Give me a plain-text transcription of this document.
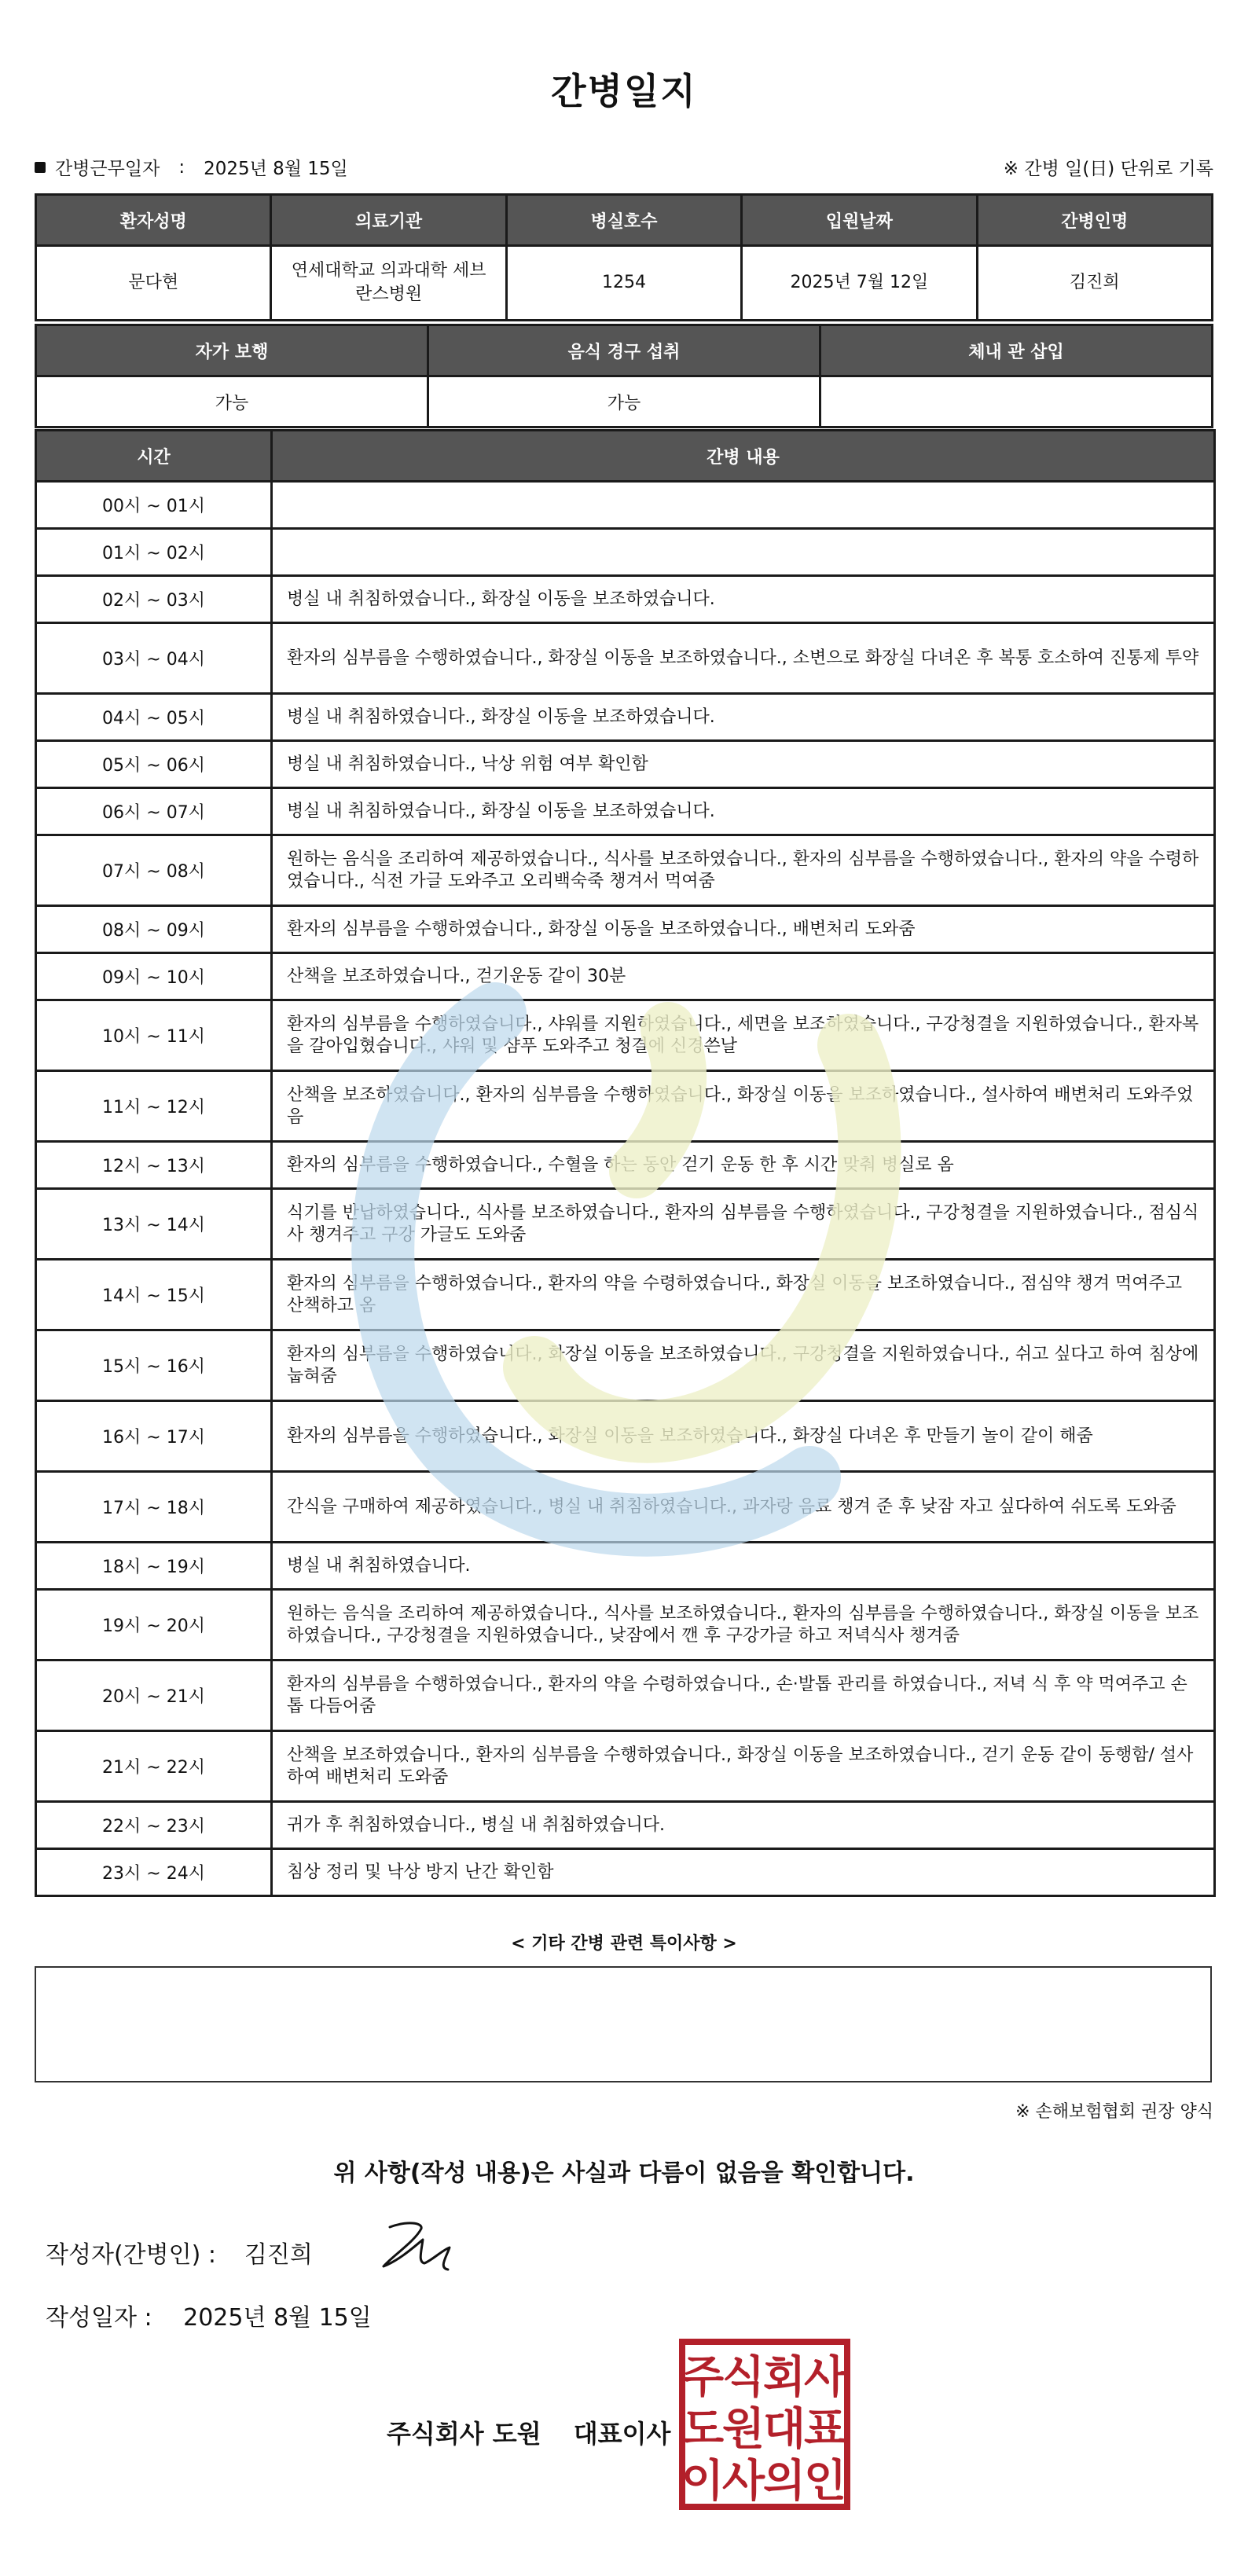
간병일지
간병근무일자 : 2025년 8월 15일	※ 간병 일(日) 단위로 기록
환자성명	의료기관	병실호수	입원날짜	간병인명
문다현	연세대학교 의과대학 세브란스병원	1254	2025년 7월 12일	김진희
자가 보행	음식 경구 섭취	체내 관 삽입
가능	가능	
시간	간병 내용
00시 ~ 01시	
01시 ~ 02시	
02시 ~ 03시	병실 내 취침하였습니다., 화장실 이동을 보조하였습니다.
03시 ~ 04시	환자의 심부름을 수행하였습니다., 화장실 이동을 보조하였습니다., 소변으로 화장실 다녀온 후 복통 호소하여 진통제 투약
04시 ~ 05시	병실 내 취침하였습니다., 화장실 이동을 보조하였습니다.
05시 ~ 06시	병실 내 취침하였습니다., 낙상 위험 여부 확인함
06시 ~ 07시	병실 내 취침하였습니다., 화장실 이동을 보조하였습니다.
07시 ~ 08시	원하는 음식을 조리하여 제공하였습니다., 식사를 보조하였습니다., 환자의 심부름을 수행하였습니다., 환자의 약을 수령하였습니다., 식전 가글 도와주고 오리백숙죽 챙겨서 먹여줌
08시 ~ 09시	환자의 심부름을 수행하였습니다., 화장실 이동을 보조하였습니다., 배변처리 도와줌
09시 ~ 10시	산책을 보조하였습니다., 걷기운동 같이 30분
10시 ~ 11시	환자의 심부름을 수행하였습니다., 샤워를 지원하였습니다., 세면을 보조하였습니다., 구강청결을 지원하였습니다., 환자복을 갈아입혔습니다., 샤워 및 샴푸 도와주고 청결에 신경쓴날
11시 ~ 12시	산책을 보조하였습니다., 환자의 심부름을 수행하였습니다., 화장실 이동을 보조하였습니다., 설사하여 배변처리 도와주었음
12시 ~ 13시	환자의 심부름을 수행하였습니다., 수혈을 하는 동안 걷기 운동 한 후 시간 맞춰 병실로 옴
13시 ~ 14시	식기를 반납하였습니다., 식사를 보조하였습니다., 환자의 심부름을 수행하였습니다., 구강청결을 지원하였습니다., 점심식사 챙겨주고 구강 가글도 도와줌
14시 ~ 15시	환자의 심부름을 수행하였습니다., 환자의 약을 수령하였습니다., 화장실 이동을 보조하였습니다., 점심약 챙겨 먹여주고 산책하고 옴
15시 ~ 16시	환자의 심부름을 수행하였습니다., 화장실 이동을 보조하였습니다., 구강청결을 지원하였습니다., 쉬고 싶다고 하여 침상에 눕혀줌
16시 ~ 17시	환자의 심부름을 수행하였습니다., 화장실 이동을 보조하였습니다., 화장실 다녀온 후 만들기 놀이 같이 해줌
17시 ~ 18시	간식을 구매하여 제공하였습니다., 병실 내 취침하였습니다., 과자랑 음료 챙겨 준 후 낮잠 자고 싶다하여 쉬도록 도와줌
18시 ~ 19시	병실 내 취침하였습니다.
19시 ~ 20시	원하는 음식을 조리하여 제공하였습니다., 식사를 보조하였습니다., 환자의 심부름을 수행하였습니다., 화장실 이동을 보조하였습니다., 구강청결을 지원하였습니다., 낮잠에서 깬 후 구강가글 하고 저녁식사 챙겨줌
20시 ~ 21시	환자의 심부름을 수행하였습니다., 환자의 약을 수령하였습니다., 손·발톱 관리를 하였습니다., 저녁 식 후 약 먹여주고 손톱 다듬어줌
21시 ~ 22시	산책을 보조하였습니다., 환자의 심부름을 수행하였습니다., 화장실 이동을 보조하였습니다., 걷기 운동 같이 동행함/ 설사하여 배변처리 도와줌
22시 ~ 23시	귀가 후 취침하였습니다., 병실 내 취침하였습니다.
23시 ~ 24시	침상 정리 및 낙상 방지 난간 확인함
< 기타 간병 관련 특이사항 >
※ 손해보험협회 권장 양식
위 사항(작성 내용)은 사실과 다름이 없음을 확인합니다.
작성자(간병인) : 김진희
작성일자 : 2025년 8월 15일
주식회사 도원 대표이사
주
식
회
사
도
원
대
표
이
사
의
인
